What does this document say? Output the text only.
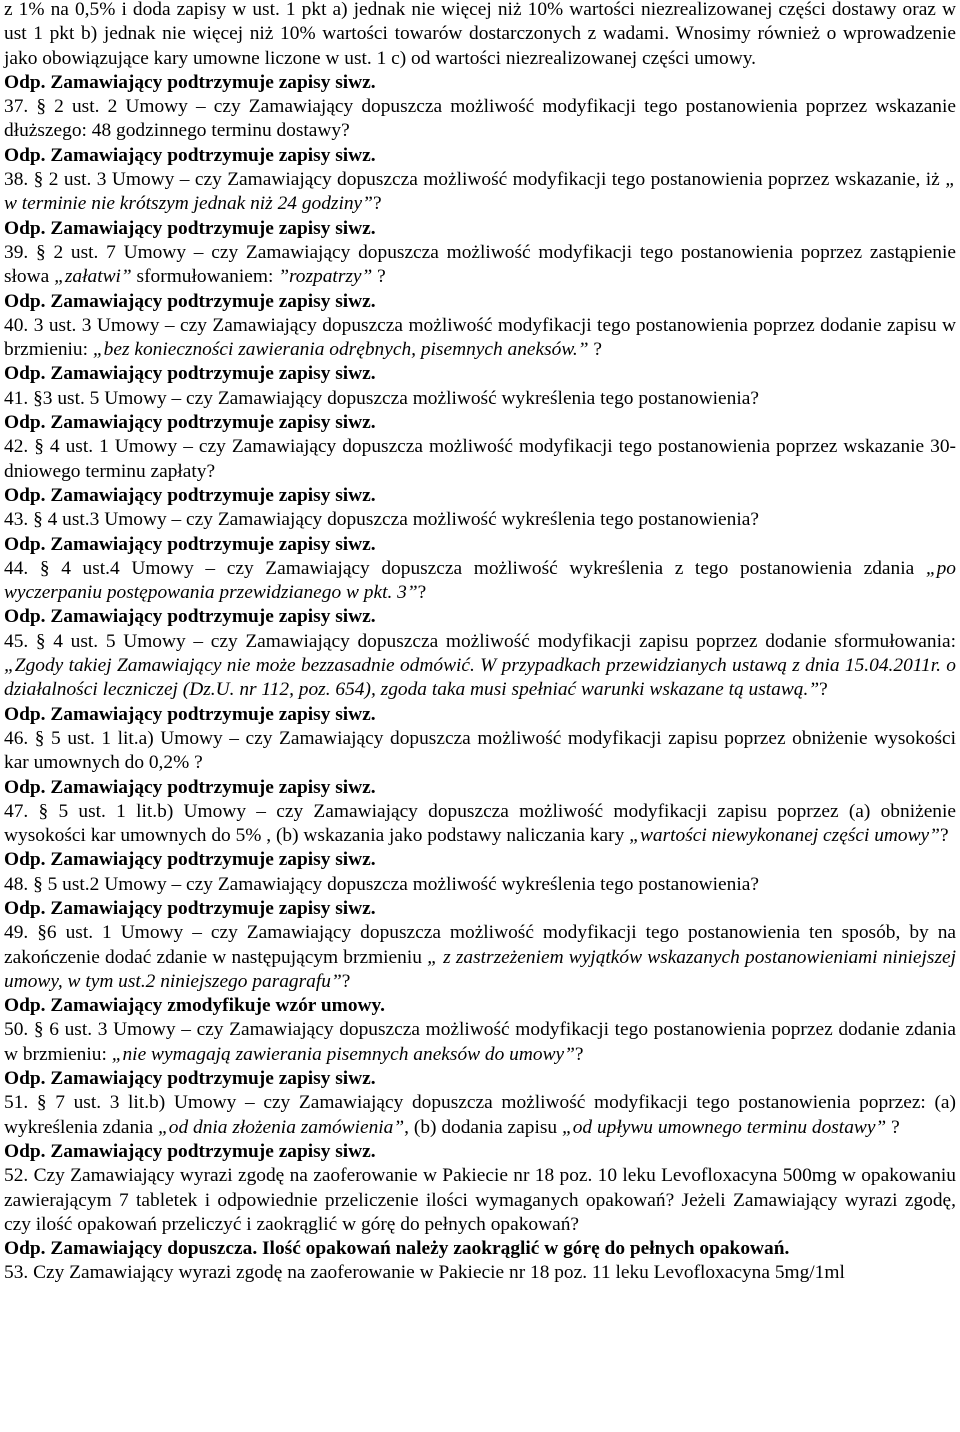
z 1% na 0,5% i doda zapisy w ust. 1 pkt a) jednak nie więcej niż 10% wartości niezrealizowanej części dostawy oraz w ust 1 pkt b) jednak nie więcej niż 10% wartości towarów dostarczonych z wadami. Wnosimy również o wprowadzenie jako obowiązujące kary umowne liczone w ust. 1 c) od wartości niezrealizowanej części umowy.

Odp. Zamawiający podtrzymuje zapisy siwz.

37. § 2 ust. 2 Umowy – czy Zamawiający dopuszcza możliwość modyfikacji tego postanowienia poprzez wskazanie dłuższego: 48 godzinnego terminu dostawy?

Odp. Zamawiający podtrzymuje zapisy siwz.

38. § 2 ust. 3 Umowy – czy Zamawiający dopuszcza możliwość modyfikacji tego postanowienia poprzez wskazanie, iż „ w terminie nie krótszym jednak niż 24 godziny”?

Odp. Zamawiający podtrzymuje zapisy siwz.

39. § 2 ust. 7 Umowy – czy Zamawiający dopuszcza możliwość modyfikacji tego postanowienia poprzez zastąpienie słowa „załatwi” sformułowaniem: ”rozpatrzy” ?

Odp. Zamawiający podtrzymuje zapisy siwz.

40. 3 ust. 3 Umowy – czy Zamawiający dopuszcza możliwość modyfikacji tego postanowienia poprzez dodanie zapisu w brzmieniu: „bez konieczności zawierania odrębnych, pisemnych aneksów.” ?

Odp. Zamawiający podtrzymuje zapisy siwz.

41. §3 ust. 5 Umowy – czy Zamawiający dopuszcza możliwość wykreślenia tego postanowienia?

Odp. Zamawiający podtrzymuje zapisy siwz.

42. § 4 ust. 1 Umowy – czy Zamawiający dopuszcza możliwość modyfikacji tego postanowienia poprzez wskazanie 30-dniowego terminu zapłaty?

Odp. Zamawiający podtrzymuje zapisy siwz.

43. § 4 ust.3 Umowy – czy Zamawiający dopuszcza możliwość wykreślenia tego postanowienia?

Odp. Zamawiający podtrzymuje zapisy siwz.

44. § 4 ust.4 Umowy – czy Zamawiający dopuszcza możliwość wykreślenia z tego postanowienia zdania „po wyczerpaniu postępowania przewidzianego w pkt. 3”?

Odp. Zamawiający podtrzymuje zapisy siwz.

45. § 4 ust. 5 Umowy – czy Zamawiający dopuszcza możliwość modyfikacji zapisu poprzez dodanie sformułowania: „Zgody takiej Zamawiający nie może bezzasadnie odmówić. W przypadkach przewidzianych ustawą z dnia 15.04.2011r. o działalności leczniczej (Dz.U. nr 112, poz. 654), zgoda taka musi spełniać warunki wskazane tą ustawą.”?

Odp. Zamawiający podtrzymuje zapisy siwz.

46. § 5 ust. 1 lit.a) Umowy – czy Zamawiający dopuszcza możliwość modyfikacji zapisu poprzez obniżenie wysokości kar umownych do 0,2% ?

Odp. Zamawiający podtrzymuje zapisy siwz.

47. § 5 ust. 1 lit.b) Umowy – czy Zamawiający dopuszcza możliwość modyfikacji zapisu poprzez (a) obniżenie wysokości kar umownych do 5% , (b) wskazania jako podstawy naliczania kary „wartości niewykonanej części umowy”?

Odp. Zamawiający podtrzymuje zapisy siwz.

48. § 5 ust.2 Umowy – czy Zamawiający dopuszcza możliwość wykreślenia tego postanowienia?

Odp. Zamawiający podtrzymuje zapisy siwz.

49. §6 ust. 1 Umowy – czy Zamawiający dopuszcza możliwość modyfikacji tego postanowienia ten sposób, by na zakończenie dodać zdanie w następującym brzmieniu „ z zastrzeżeniem wyjątków wskazanych postanowieniami niniejszej umowy, w tym ust.2 niniejszego paragrafu”?

Odp. Zamawiający zmodyfikuje wzór umowy.

50. § 6 ust. 3 Umowy – czy Zamawiający dopuszcza możliwość modyfikacji tego postanowienia poprzez dodanie zdania w brzmieniu: „nie wymagają zawierania pisemnych aneksów do umowy”?

Odp. Zamawiający podtrzymuje zapisy siwz.

51. § 7 ust. 3 lit.b) Umowy – czy Zamawiający dopuszcza możliwość modyfikacji tego postanowienia poprzez: (a) wykreślenia zdania „od dnia złożenia zamówienia”, (b) dodania zapisu „od upływu umownego terminu dostawy” ?

Odp. Zamawiający podtrzymuje zapisy siwz.

52. Czy Zamawiający wyrazi zgodę na zaoferowanie w Pakiecie nr 18 poz. 10 leku Levofloxacyna 500mg w opakowaniu zawierającym 7 tabletek i odpowiednie przeliczenie ilości wymaganych opakowań? Jeżeli Zamawiający wyrazi zgodę, czy ilość opakowań przeliczyć i zaokrąglić w górę do pełnych opakowań?

Odp. Zamawiający dopuszcza. Ilość opakowań należy zaokrąglić w górę do pełnych opakowań.

53. Czy Zamawiający wyrazi zgodę na zaoferowanie w Pakiecie nr 18 poz. 11 leku Levofloxacyna 5mg/1ml
